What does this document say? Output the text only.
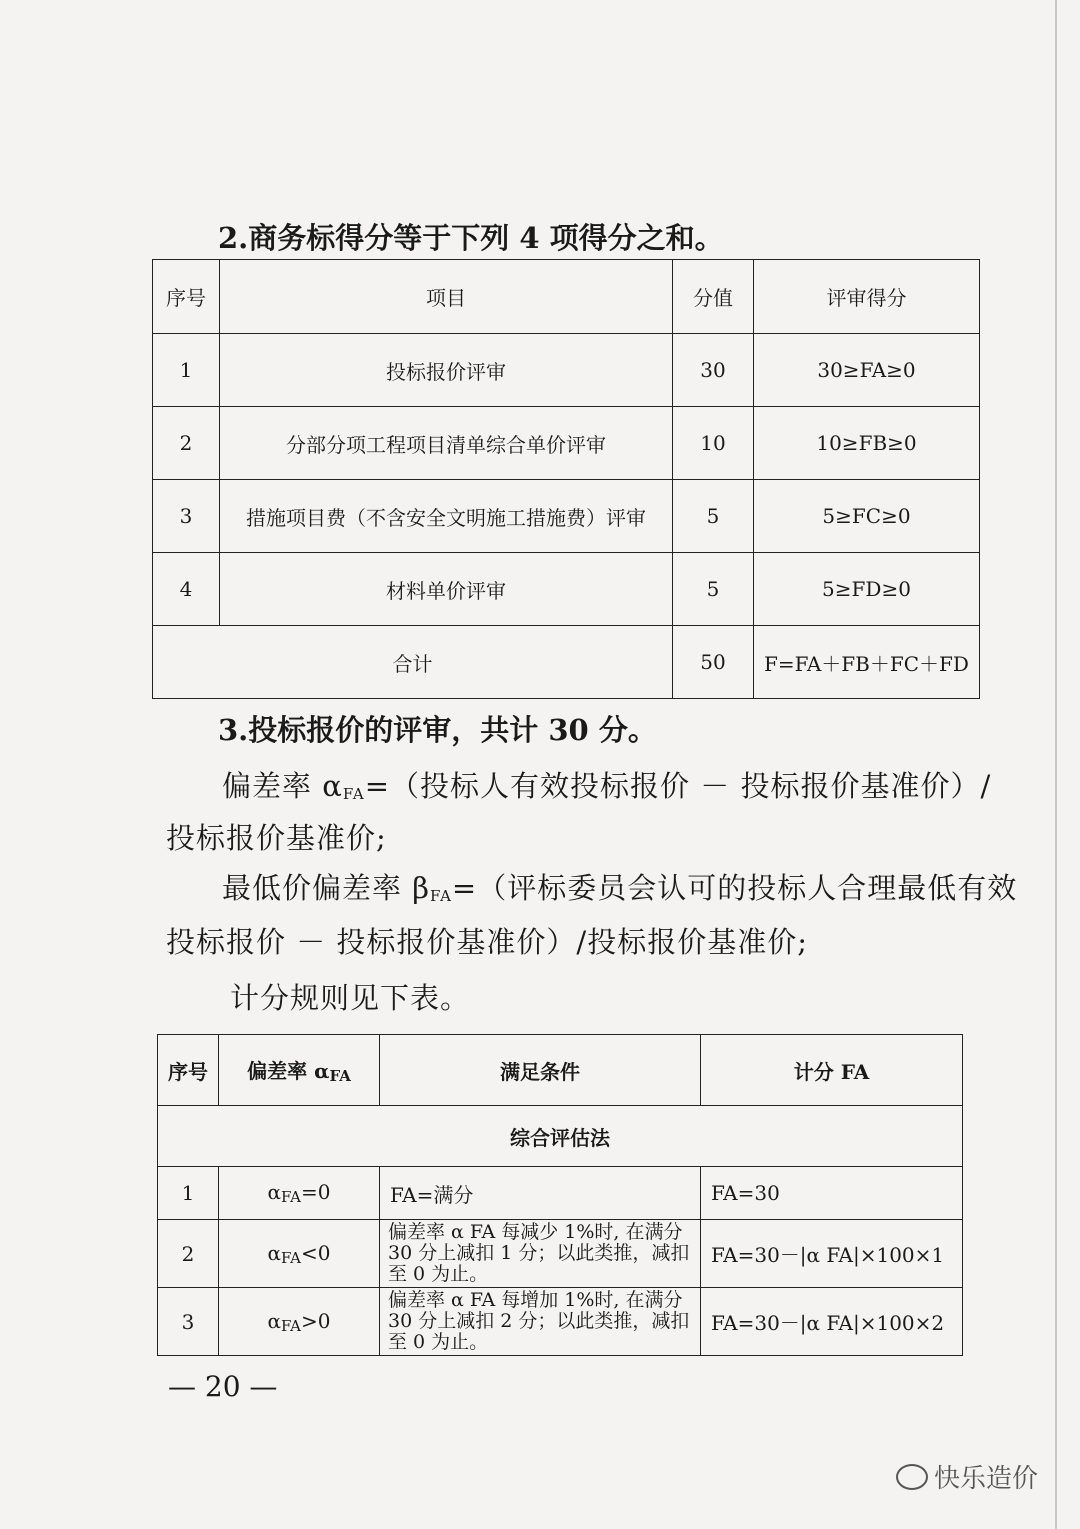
2.商务标得分等于下列 4 项得分之和。
序号	项目	分值	评审得分
1	投标报价评审	30	30≥FA≥0
2	分部分项工程项目清单综合单价评审	10	10≥FB≥0
3	措施项目费（不含安全文明施工措施费）评审	5	5≥FC≥0
4	材料单价评审	5	5≥FD≥0
合计		50	F=FA＋FB＋FC＋FD
3.投标报价的评审，共计 30 分。
偏差率 $\alpha_{FA}=$（投标人有效投标报价 － 投标报价基准价）/
投标报价基准价;
最低价偏差率 $\beta_{FA}=$（评标委员会认可的投标人合理最低有效
投标报价 － 投标报价基准价）/投标报价基准价;
计分规则见下表。
序号	偏差率 $\alpha_{FA}$	满足条件	计分 FA
综合评估法			
1	$\alpha_{FA}=0$	FA=满分	FA=30
2	$\alpha_{FA}<0$	偏差率 α FA 每减少 1%时, 在满分 30 分上减扣 1 分；以此类推，减扣至 0 为止。	FA=30－|α FA|×100×1
3	$\alpha_{FA}>0$	偏差率 α FA 每增加 1%时, 在满分 30 分上减扣 2 分；以此类推，减扣至 0 为止。	FA=30－|α FA|×100×2
— 20 —
快乐造价
